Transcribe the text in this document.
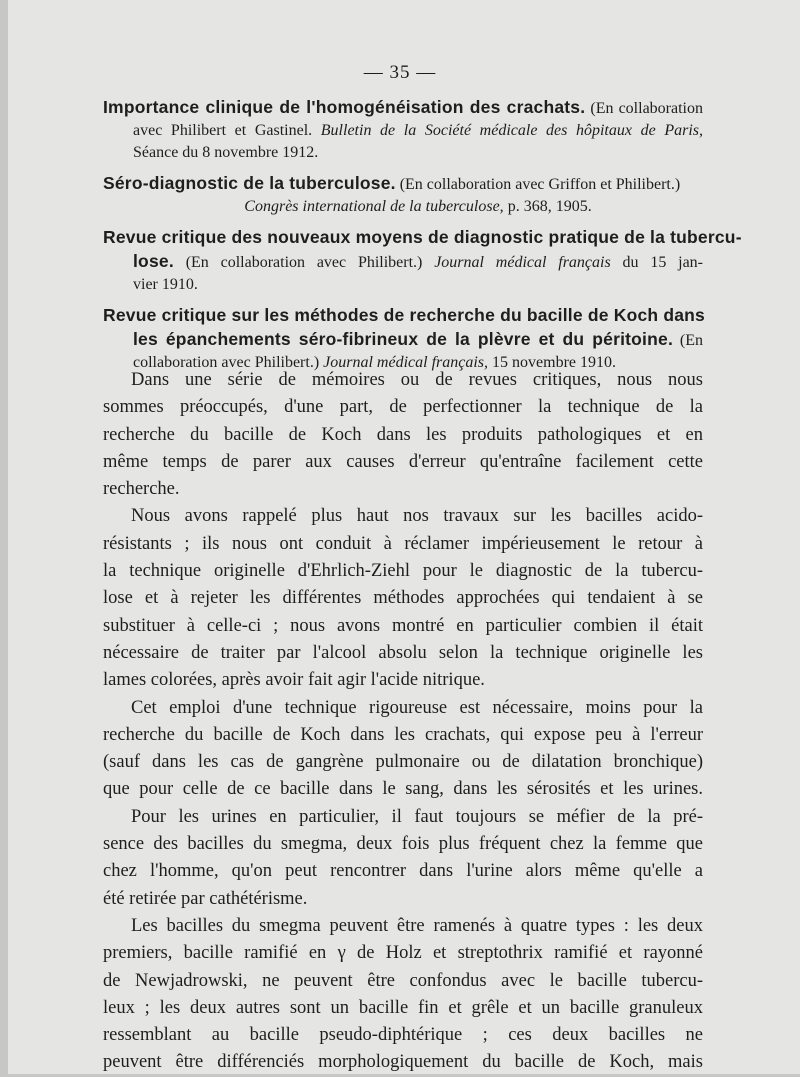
— 35 —
Importance clinique de l'homogénéisation des crachats. (En collaboration
avec Philibert et Gastinel. Bulletin de la Société médicale des hôpitaux de Paris,
Séance du 8 novembre 1912.
Séro-diagnostic de la tuberculose. (En collaboration avec Griffon et Philibert.)
Congrès international de la tuberculose, p. 368, 1905.
Revue critique des nouveaux moyens de diagnostic pratique de la tubercu-
lose. (En collaboration avec Philibert.) Journal médical français du 15 jan-
vier 1910.
Revue critique sur les méthodes de recherche du bacille de Koch dans
les épanchements séro-fibrineux de la plèvre et du péritoine. (En
collaboration avec Philibert.) Journal médical français, 15 novembre 1910.

Dans une série de mémoires ou de revues critiques, nous nous
sommes préoccupés, d'une part, de perfectionner la technique de la
recherche du bacille de Koch dans les produits pathologiques et en
même temps de parer aux causes d'erreur qu'entraîne facilement cette
recherche.

Nous avons rappelé plus haut nos travaux sur les bacilles acido-
résistants ; ils nous ont conduit à réclamer impérieusement le retour à
la technique originelle d'Ehrlich-Ziehl pour le diagnostic de la tubercu-
lose et à rejeter les différentes méthodes approchées qui tendaient à se
substituer à celle-ci ; nous avons montré en particulier combien il était
nécessaire de traiter par l'alcool absolu selon la technique originelle les
lames colorées, après avoir fait agir l'acide nitrique.

Cet emploi d'une technique rigoureuse est nécessaire, moins pour la
recherche du bacille de Koch dans les crachats, qui expose peu à l'erreur
(sauf dans les cas de gangrène pulmonaire ou de dilatation bronchique)
que pour celle de ce bacille dans le sang, dans les sérosités et les urines.

Pour les urines en particulier, il faut toujours se méfier de la pré-
sence des bacilles du smegma, deux fois plus fréquent chez la femme que
chez l'homme, qu'on peut rencontrer dans l'urine alors même qu'elle a
été retirée par cathétérisme.

Les bacilles du smegma peuvent être ramenés à quatre types : les deux
premiers, bacille ramifié en γ de Holz et streptothrix ramifié et rayonné
de Newjadrowski, ne peuvent être confondus avec le bacille tubercu-
leux ; les deux autres sont un bacille fin et grêle et un bacille granuleux
ressemblant au bacille pseudo-diphtérique ; ces deux bacilles ne
peuvent être différenciés morphologiquement du bacille de Koch, mais
